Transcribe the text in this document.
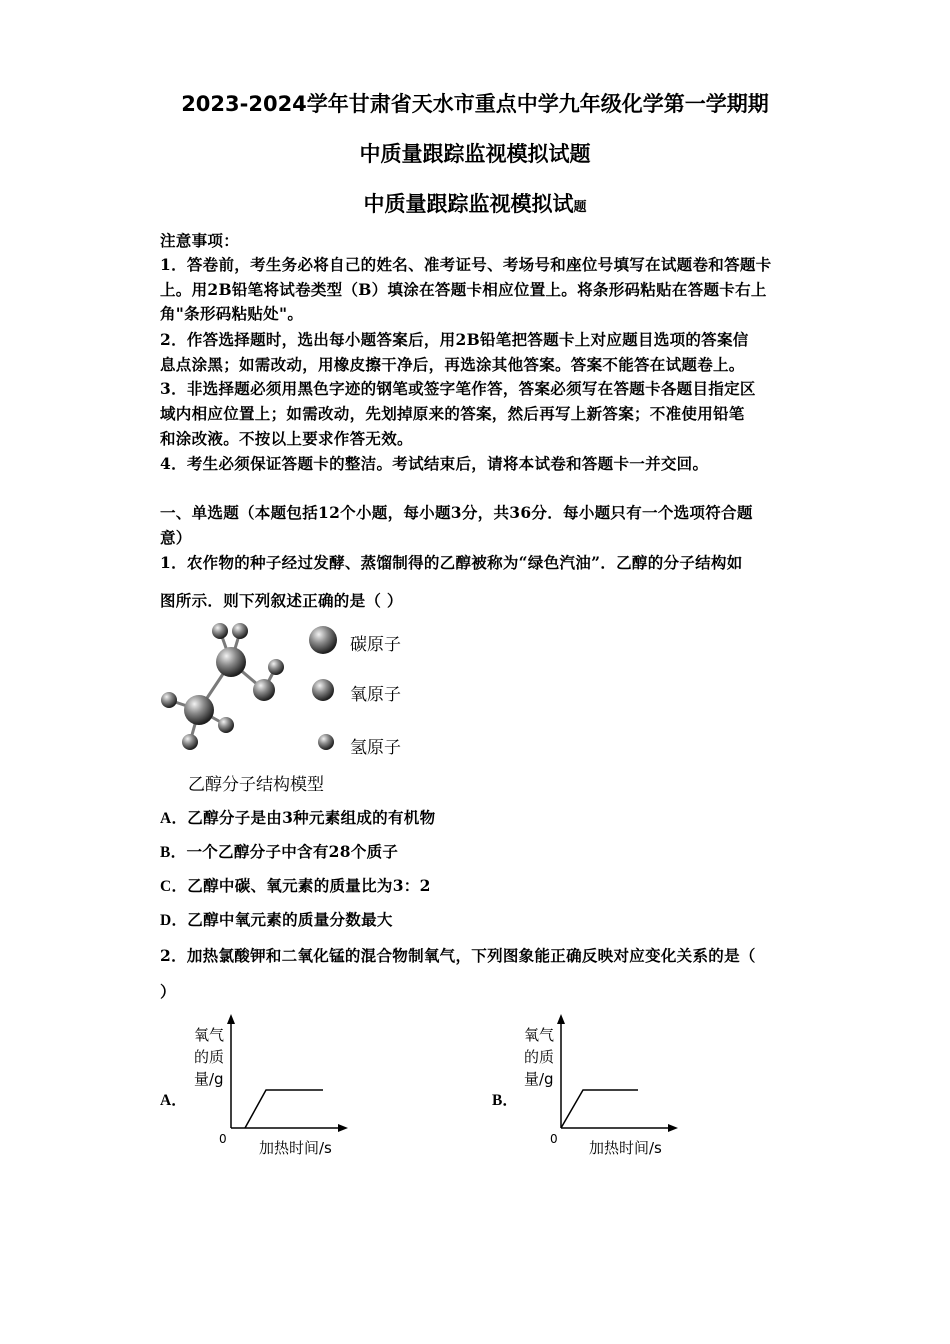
2023-2024学年甘肃省天水市重点中学九年级化学第一学期期
中质量跟踪监视模拟试题
中质量跟踪监视模拟试题
注意事项：
1．答卷前，考生务必将自己的姓名、准考证号、考场号和座位号填写在试题卷和答题卡
上。用2B铅笔将试卷类型（B）填涂在答题卡相应位置上。将条形码粘贴在答题卡右上
角"条形码粘贴处"。
2．作答选择题时，选出每小题答案后，用2B铅笔把答题卡上对应题目选项的答案信
息点涂黑；如需改动，用橡皮擦干净后，再选涂其他答案。答案不能答在试题卷上。
3．非选择题必须用黑色字迹的钢笔或签字笔作答，答案必须写在答题卡各题目指定区
域内相应位置上；如需改动，先划掉原来的答案，然后再写上新答案；不准使用铅笔
和涂改液。不按以上要求作答无效。
4．考生必须保证答题卡的整洁。考试结束后，请将本试卷和答题卡一并交回。
一、单选题（本题包括12个小题，每小题3分，共36分．每小题只有一个选项符合题
意）
1．农作物的种子经过发酵、蒸馏制得的乙醇被称为“绿色汽油”．乙醇的分子结构如
图所示．则下列叙述正确的是（ ）
碳原子
氧原子
氢原子
乙醇分子结构模型
A．乙醇分子是由3种元素组成的有机物
B．一个乙醇分子中含有28个质子
C．乙醇中碳、氧元素的质量比为3：2
D．乙醇中氧元素的质量分数最大
2．加热氯酸钾和二氧化锰的混合物制氧气，下列图象能正确反映对应变化关系的是（
）
A．
氧气
的质
量/g
0 加热时间/s
B．
氧气
的质
量/g
0 加热时间/s
